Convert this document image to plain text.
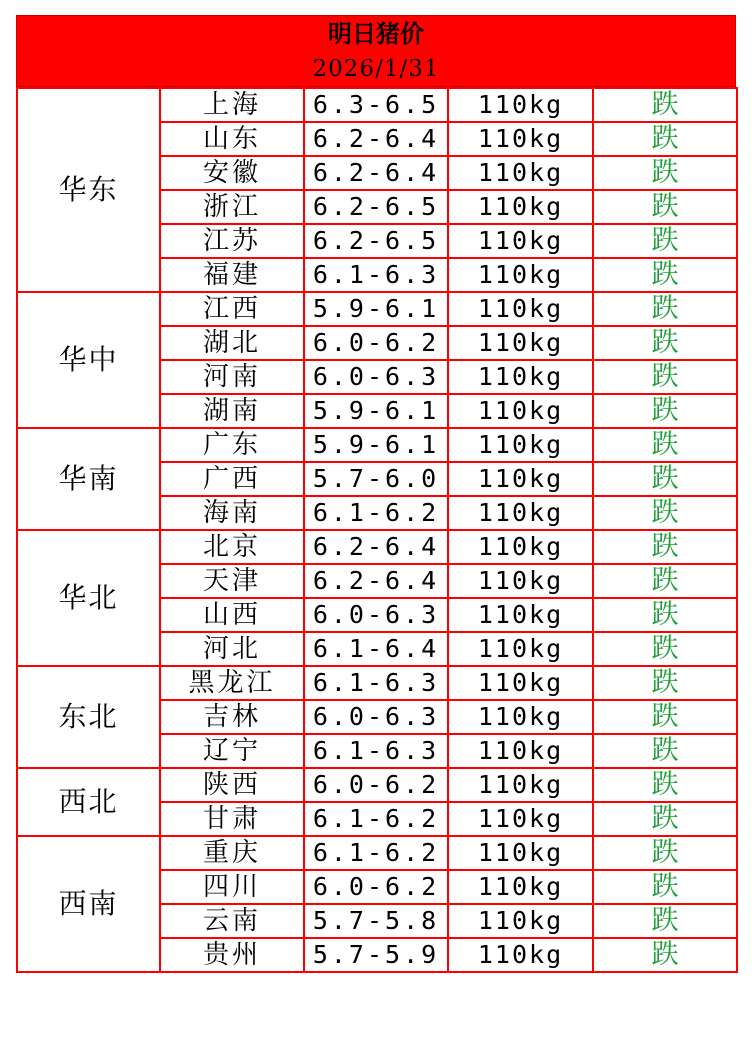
明日猪价
2026/1/31
华东	上海	6.3-6.5	110kg	跌
	山东	6.2-6.4	110kg	跌
	安徽	6.2-6.4	110kg	跌
	浙江	6.2-6.5	110kg	跌
	江苏	6.2-6.5	110kg	跌
	福建	6.1-6.3	110kg	跌
华中	江西	5.9-6.1	110kg	跌
	湖北	6.0-6.2	110kg	跌
	河南	6.0-6.3	110kg	跌
	湖南	5.9-6.1	110kg	跌
华南	广东	5.9-6.1	110kg	跌
	广西	5.7-6.0	110kg	跌
	海南	6.1-6.2	110kg	跌
华北	北京	6.2-6.4	110kg	跌
	天津	6.2-6.4	110kg	跌
	山西	6.0-6.3	110kg	跌
	河北	6.1-6.4	110kg	跌
东北	黑龙江	6.1-6.3	110kg	跌
	吉林	6.0-6.3	110kg	跌
	辽宁	6.1-6.3	110kg	跌
西北	陕西	6.0-6.2	110kg	跌
	甘肃	6.1-6.2	110kg	跌
西南	重庆	6.1-6.2	110kg	跌
	四川	6.0-6.2	110kg	跌
	云南	5.7-5.8	110kg	跌
	贵州	5.7-5.9	110kg	跌
